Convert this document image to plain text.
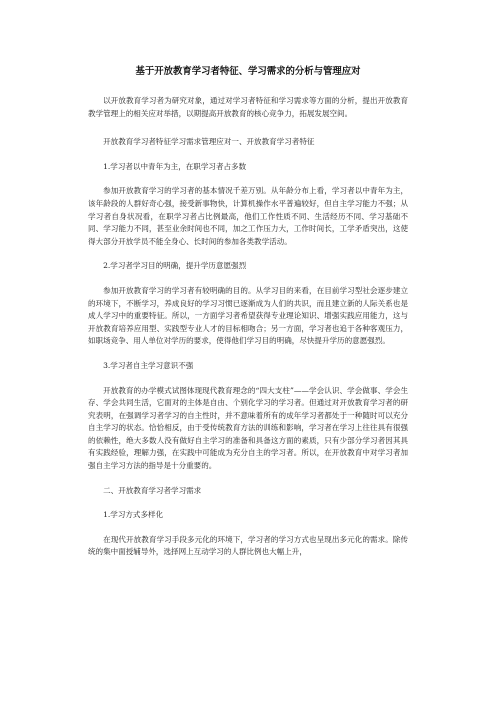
基于开放教育学习者特征、学习需求的分析与管理应对

以开放教育学习者为研究对象，通过对学习者特征和学习需求等方面的分析，提出开放教育教学管理上的相关应对举措，以期提高开放教育的核心竞争力，拓展发展空间。

开放教育学习者特征学习需求管理应对一、开放教育学习者特征

1.学习者以中青年为主，在职学习者占多数

参加开放教育学习的学习者的基本情况千差万别。从年龄分布上看，学习者以中青年为主，该年龄段的人群好奇心强，接受新事物快，计算机操作水平普遍较好，但自主学习能力不强；从学习者自身状况看，在职学习者占比例最高，他们工作性质不同、生活经历不同、学习基础不同、学习能力不同，甚至业余时间也不同，加之工作压力大，工作时间长，工学矛盾突出，这使得大部分开放学员不能全身心、长时间的参加各类教学活动。

2.学习者学习目的明确，提升学历意愿强烈

参加开放教育学习的学习者有较明确的目的。从学习目的来看，在目前学习型社会逐步建立的环境下，不断学习，养成良好的学习习惯已逐渐成为人们的共识，而且建立新的人际关系也是成人学习中的重要特征。所以，一方面学习者希望获得专业理论知识、增强实践应用能力，这与开放教育培养应用型、实践型专业人才的目标相吻合；另一方面，学习者也追于各种客观压力，如职场竞争、用人单位对学历的要求，使得他们学习目的明确，尽快提升学历的意愿强烈。

3.学习者自主学习意识不强

开放教育的办学模式试图体现现代教育理念的“四大支柱”——学会认识、学会做事、学会生存、学会共同生活，它面对的主体是自由、个别化学习的学习者。但通过对开放教育学习者的研究表明，在强调学习者学习的自主性时，并不意味着所有的成年学习者都处于一种随时可以充分自主学习的状态。恰恰相反，由于受传统教育方法的训练和影响，学习者在学习上往往具有很强的依赖性，绝大多数人没有做好自主学习的准备和具备这方面的素质，只有少部分学习者因其具有实践经验，理解力强，在实践中可能成为充分自主的学习者。所以，在开放教育中对学习者加强自主学习方法的指导是十分重要的。

二、开放教育学习者学习需求

1.学习方式多样化

在现代开放教育学习手段多元化的环境下，学习者的学习方式也呈现出多元化的需求。除传统的集中面授辅导外，选择网上互动学习的人群比例也大幅上升，
